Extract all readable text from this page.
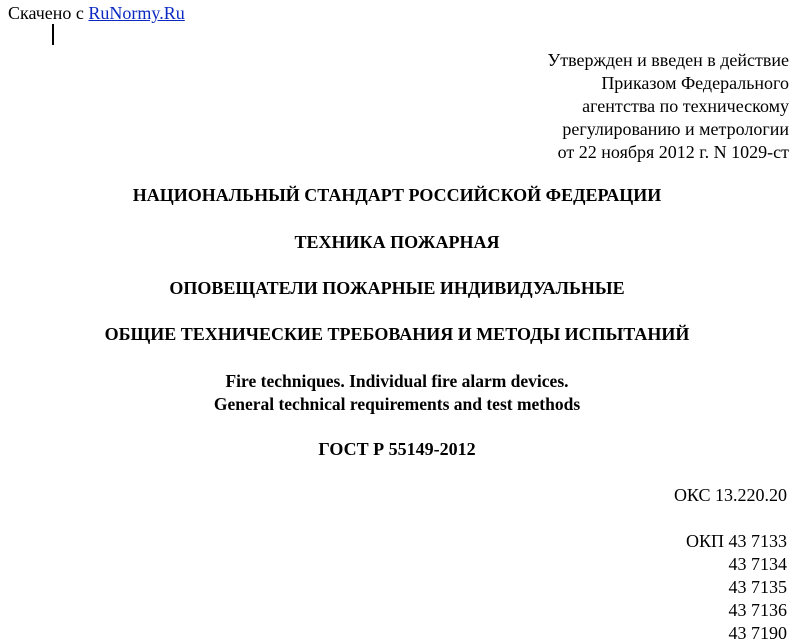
Скачено с RuNormy.Ru
Утвержден и введен в действие
Приказом Федерального
агентства по техническому
регулированию и метрологии
от 22 ноября 2012 г. N 1029-ст
НАЦИОНАЛЬНЫЙ СТАНДАРТ РОССИЙСКОЙ ФЕДЕРАЦИИ
ТЕХНИКА ПОЖАРНАЯ
ОПОВЕЩАТЕЛИ ПОЖАРНЫЕ ИНДИВИДУАЛЬНЫЕ
ОБЩИЕ ТЕХНИЧЕСКИЕ ТРЕБОВАНИЯ И МЕТОДЫ ИСПЫТАНИЙ
Fire techniques. Individual fire alarm devices.
General technical requirements and test methods
ГОСТ Р 55149-2012
ОКС 13.220.20
ОКП 43 7133
43 7134
43 7135
43 7136
43 7190
